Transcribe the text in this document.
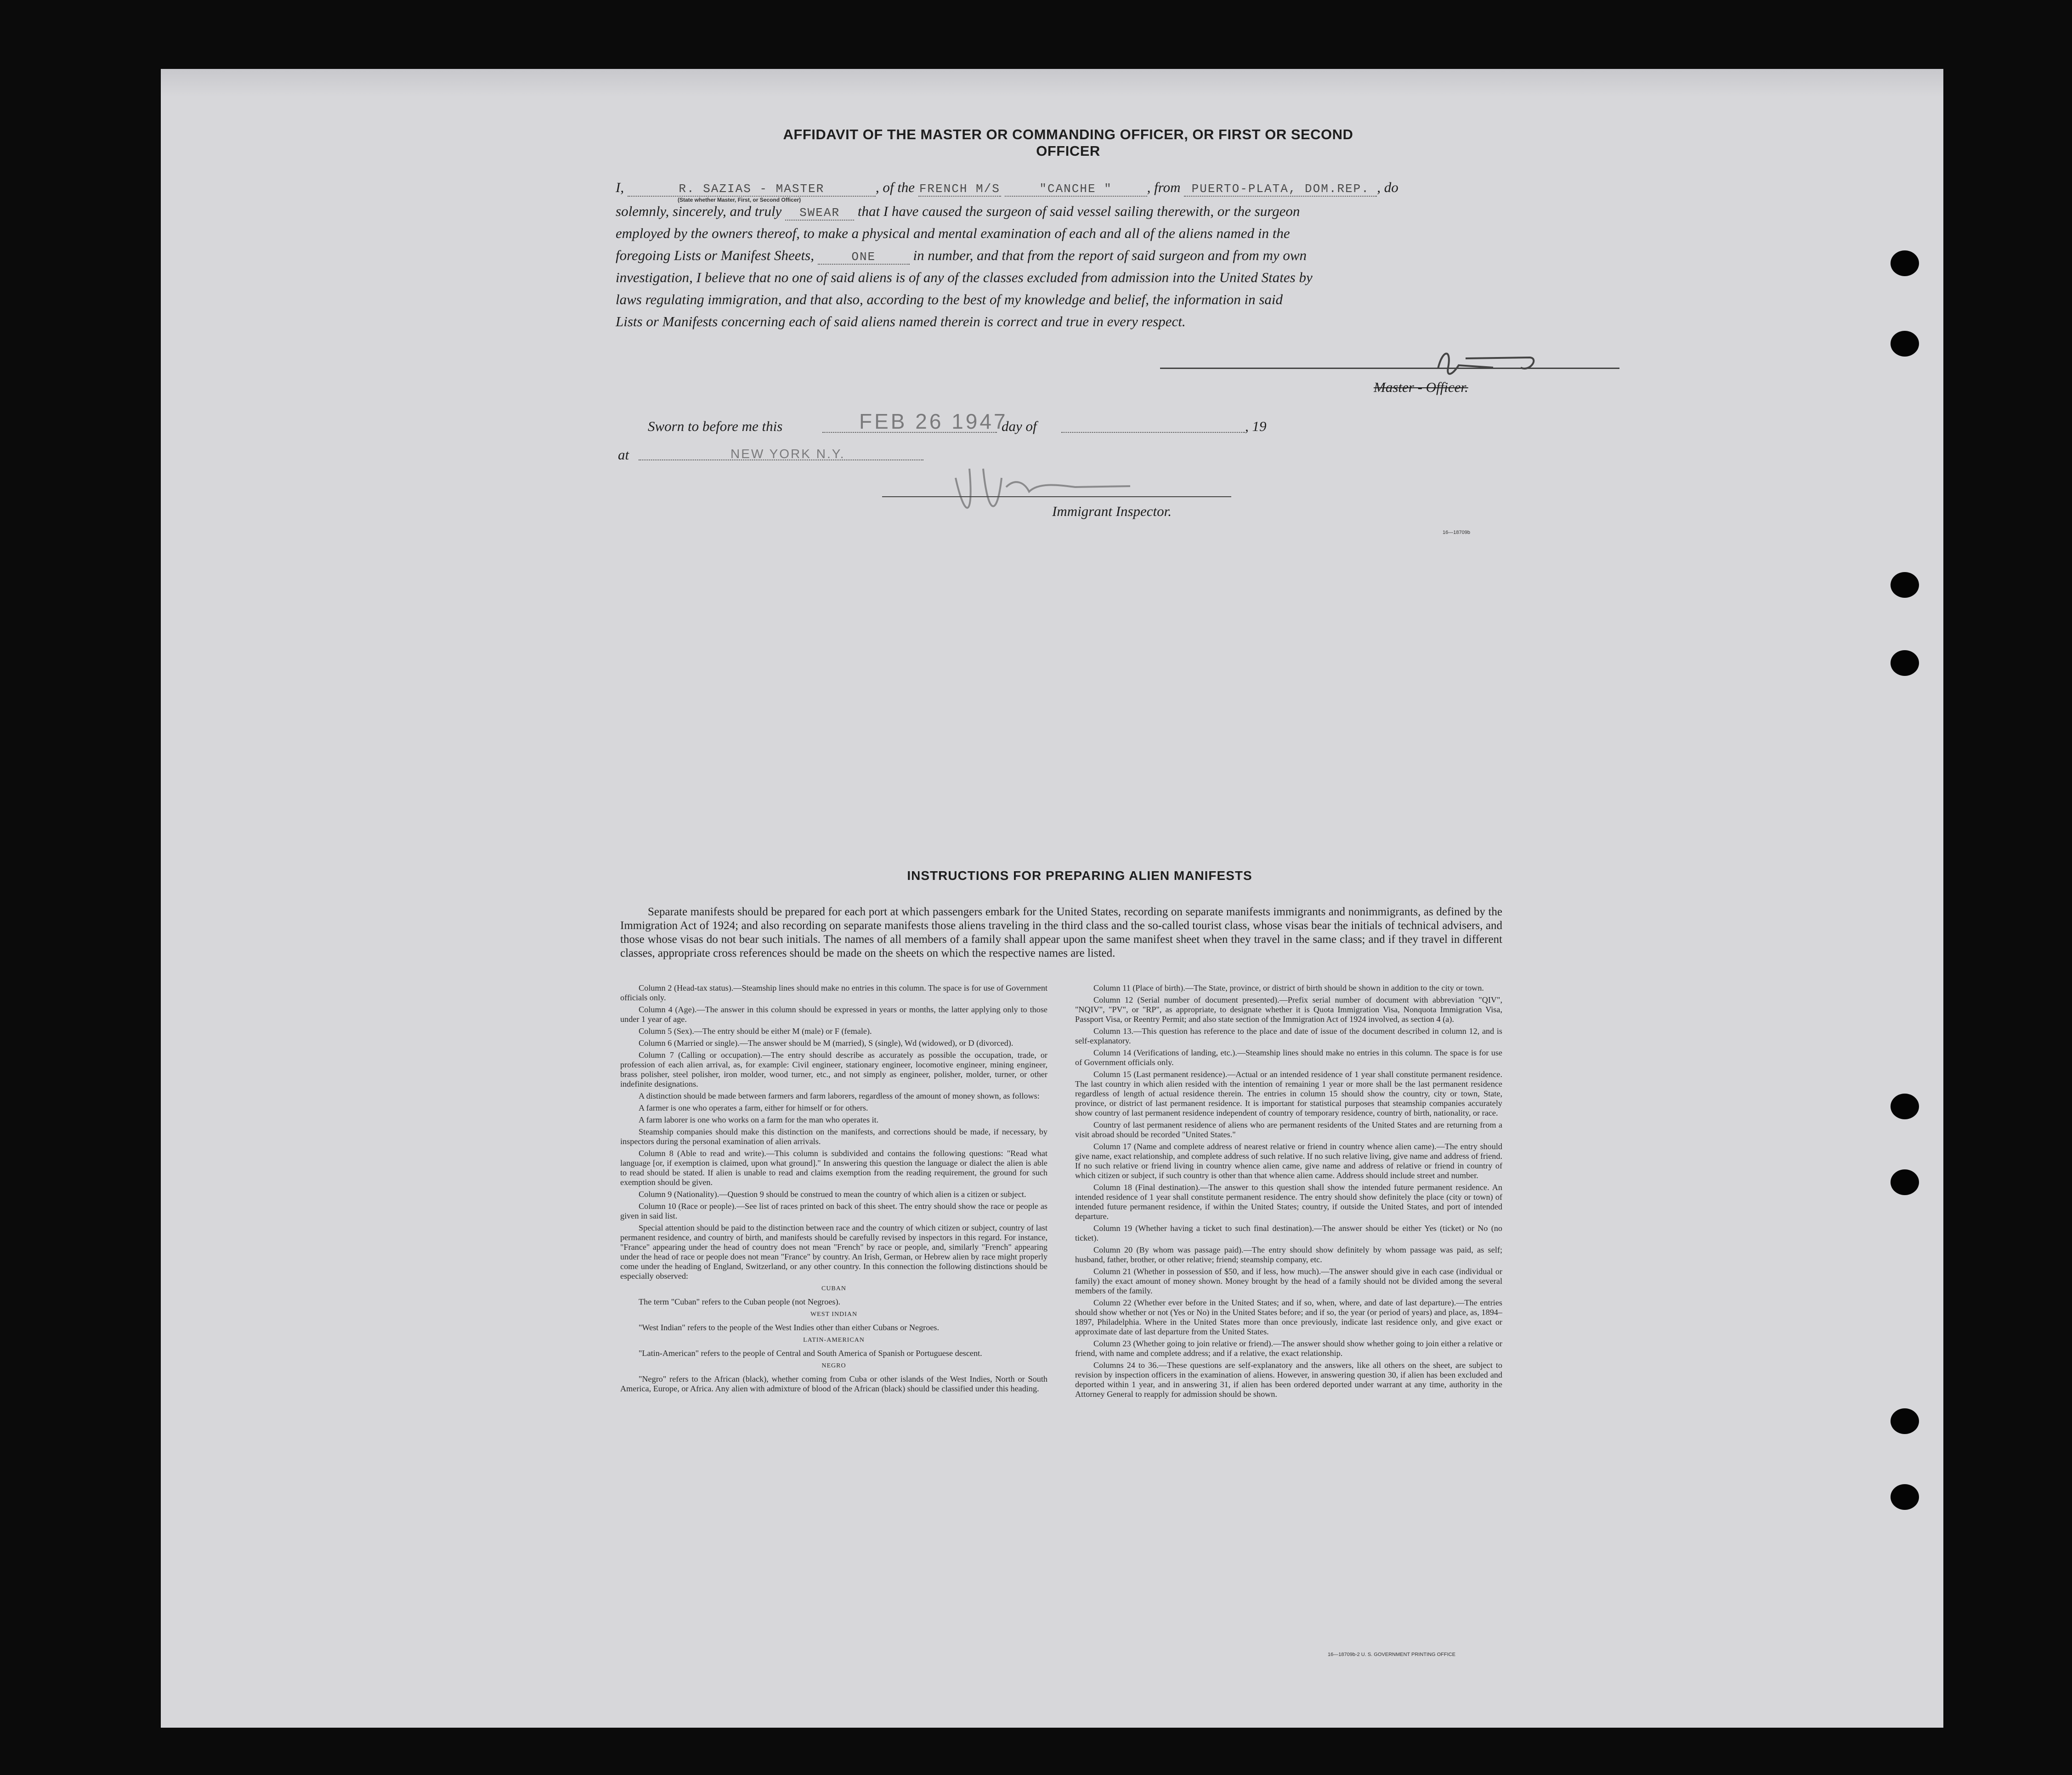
AFFIDAVIT OF THE MASTER OR COMMANDING OFFICER, OR FIRST OR SECOND OFFICER
I,	R. SAZIAS - MASTER	, of the FRENCH M/S	"CANCHE " , from PUERTO-PLATA, DOM.REP. , do
(State whether Master, First, or Second Officer)
solemnly, sincerely, and truly SWEAR that I have caused the surgeon of said vessel sailing therewith, or the surgeon
employed by the owners thereof, to make a physical and mental examination of each and all of the aliens named in the
foregoing Lists or Manifest Sheets,	ONE	in number, and that from the report of said surgeon and from my own
investigation, I believe that no one of said aliens is of any of the classes excluded from admission into the United States by
laws regulating immigration, and that also, according to the best of my knowledge and belief, the information in said
Lists or Manifests concerning each of said aliens named therein is correct and true in every respect.
Master - Officer.
Sworn to before me this	FEB 26 1947
day of	, 19
at	NEW YORK N.Y.
Immigrant Inspector.
16—18709b
INSTRUCTIONS FOR PREPARING ALIEN MANIFESTS

Separate manifests should be prepared for each port at which passengers embark for the United States, recording on separate manifests immigrants and nonimmigrants, as defined by the Immigration Act of 1924; and also recording on separate manifests those aliens traveling in the third class and the so-called tourist class, whose visas bear the initials of technical advisers, and those whose visas do not bear such initials. The names of all members of a family shall appear upon the same manifest sheet when they travel in the same class; and if they travel in different classes, appropriate cross references should be made on the sheets on which the respective names are listed.

Column 2 (Head-tax status).—Steamship lines should make no entries in this column. The space is for use of Government officials only.

Column 4 (Age).—The answer in this column should be expressed in years or months, the latter applying only to those under 1 year of age.

Column 5 (Sex).—The entry should be either M (male) or F (female).

Column 6 (Married or single).—The answer should be M (married), S (single), Wd (widowed), or D (divorced).

Column 7 (Calling or occupation).—The entry should describe as accurately as possible the occupation, trade, or profession of each alien arrival, as, for example: Civil engineer, stationary engineer, locomotive engineer, mining engineer, brass polisher, steel polisher, iron molder, wood turner, etc., and not simply as engineer, polisher, molder, turner, or other indefinite designations.

A distinction should be made between farmers and farm laborers, regardless of the amount of money shown, as follows:

A farmer is one who operates a farm, either for himself or for others.

A farm laborer is one who works on a farm for the man who operates it.

Steamship companies should make this distinction on the manifests, and corrections should be made, if necessary, by inspectors during the personal examination of alien arrivals.

Column 8 (Able to read and write).—This column is subdivided and contains the following questions: "Read what language [or, if exemption is claimed, upon what ground]." In answering this question the language or dialect the alien is able to read should be stated. If alien is unable to read and claims exemption from the reading requirement, the ground for such exemption should be given.

Column 9 (Nationality).—Question 9 should be construed to mean the country of which alien is a citizen or subject.

Column 10 (Race or people).—See list of races printed on back of this sheet. The entry should show the race or people as given in said list.

Special attention should be paid to the distinction between race and the country of which citizen or subject, country of last permanent residence, and country of birth, and manifests should be carefully revised by inspectors in this regard. For instance, "France" appearing under the head of country does not mean "French" by race or people, and, similarly "French" appearing under the head of race or people does not mean "France" by country. An Irish, German, or Hebrew alien by race might properly come under the heading of England, Switzerland, or any other country. In this connection the following distinctions should be especially observed:

CUBAN

The term "Cuban" refers to the Cuban people (not Negroes).

WEST INDIAN

"West Indian" refers to the people of the West Indies other than either Cubans or Negroes.

LATIN-AMERICAN

"Latin-American" refers to the people of Central and South America of Spanish or Portuguese descent.

NEGRO

"Negro" refers to the African (black), whether coming from Cuba or other islands of the West Indies, North or South America, Europe, or Africa. Any alien with admixture of blood of the African (black) should be classified under this heading.

Column 11 (Place of birth).—The State, province, or district of birth should be shown in addition to the city or town.

Column 12 (Serial number of document presented).—Prefix serial number of document with abbreviation "QIV", "NQIV", "PV", or "RP", as appropriate, to designate whether it is Quota Immigration Visa, Nonquota Immigration Visa, Passport Visa, or Reentry Permit; and also state section of the Immigration Act of 1924 involved, as section 4 (a).

Column 13.—This question has reference to the place and date of issue of the document described in column 12, and is self-explanatory.

Column 14 (Verifications of landing, etc.).—Steamship lines should make no entries in this column. The space is for use of Government officials only.

Column 15 (Last permanent residence).—Actual or an intended residence of 1 year shall constitute permanent residence. The last country in which alien resided with the intention of remaining 1 year or more shall be the last permanent residence regardless of length of actual residence therein. The entries in column 15 should show the country, city or town, State, province, or district of last permanent residence. It is important for statistical purposes that steamship companies accurately show country of last permanent residence independent of country of temporary residence, country of birth, nationality, or race.

Country of last permanent residence of aliens who are permanent residents of the United States and are returning from a visit abroad should be recorded "United States."

Column 17 (Name and complete address of nearest relative or friend in country whence alien came).—The entry should give name, exact relationship, and complete address of such relative. If no such relative living, give name and address of friend. If no such relative or friend living in country whence alien came, give name and address of relative or friend in country of which citizen or subject, if such country is other than that whence alien came. Address should include street and number.

Column 18 (Final destination).—The answer to this question shall show the intended future permanent residence. An intended residence of 1 year shall constitute permanent residence. The entry should show definitely the place (city or town) of intended future permanent residence, if within the United States; country, if outside the United States, and port of intended departure.

Column 19 (Whether having a ticket to such final destination).—The answer should be either Yes (ticket) or No (no ticket).

Column 20 (By whom was passage paid).—The entry should show definitely by whom passage was paid, as self; husband, father, brother, or other relative; friend; steamship company, etc.

Column 21 (Whether in possession of $50, and if less, how much).—The answer should give in each case (individual or family) the exact amount of money shown. Money brought by the head of a family should not be divided among the several members of the family.

Column 22 (Whether ever before in the United States; and if so, when, where, and date of last departure).—The entries should show whether or not (Yes or No) in the United States before; and if so, the year (or period of years) and place, as, 1894–1897, Philadelphia. Where in the United States more than once previously, indicate last residence only, and give exact or approximate date of last departure from the United States.

Column 23 (Whether going to join relative or friend).—The answer should show whether going to join either a relative or friend, with name and complete address; and if a relative, the exact relationship.

Columns 24 to 36.—These questions are self-explanatory and the answers, like all others on the sheet, are subject to revision by inspection officers in the examination of aliens. However, in answering question 30, if alien has been excluded and deported within 1 year, and in answering 31, if alien has been ordered deported under warrant at any time, authority in the Attorney General to reapply for admission should be shown.

16—18709b-2 U. S. GOVERNMENT PRINTING OFFICE
